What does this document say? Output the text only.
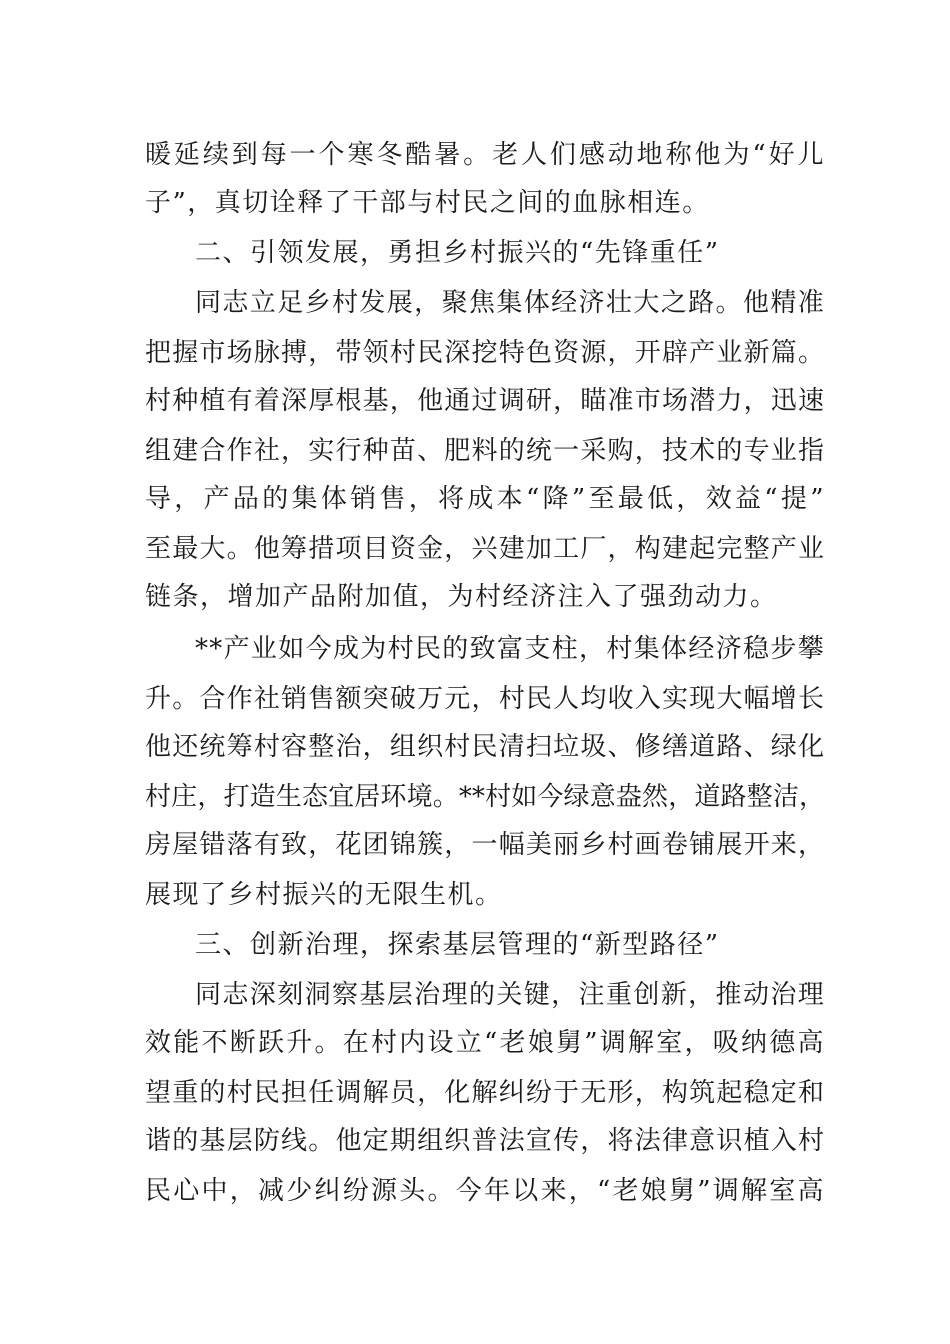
暖延续到每一个寒冬酷暑。老人们感动地称他为“好儿

子”，真切诠释了干部与村民之间的血脉相连。

二、引领发展，勇担乡村振兴的“先锋重任”

同志立足乡村发展，聚焦集体经济壮大之路。他精准

把握市场脉搏，带领村民深挖特色资源，开辟产业新篇。

村种植有着深厚根基，他通过调研，瞄准市场潜力，迅速

组建合作社，实行种苗、肥料的统一采购，技术的专业指

导，产品的集体销售，将成本“降”至最低，效益“提”

至最大。他筹措项目资金，兴建加工厂，构建起完整产业

链条，增加产品附加值，为村经济注入了强劲动力。

**产业如今成为村民的致富支柱，村集体经济稳步攀

升。合作社销售额突破万元，村民人均收入实现大幅增长

他还统筹村容整治，组织村民清扫垃圾、修缮道路、绿化

村庄，打造生态宜居环境。**村如今绿意盎然，道路整洁，

房屋错落有致，花团锦簇，一幅美丽乡村画卷铺展开来，

展现了乡村振兴的无限生机。

三、创新治理，探索基层管理的“新型路径”

同志深刻洞察基层治理的关键，注重创新，推动治理

效能不断跃升。在村内设立“老娘舅”调解室，吸纳德高

望重的村民担任调解员，化解纠纷于无形，构筑起稳定和

谐的基层防线。他定期组织普法宣传，将法律意识植入村

民心中，减少纠纷源头。今年以来，“老娘舅”调解室高
